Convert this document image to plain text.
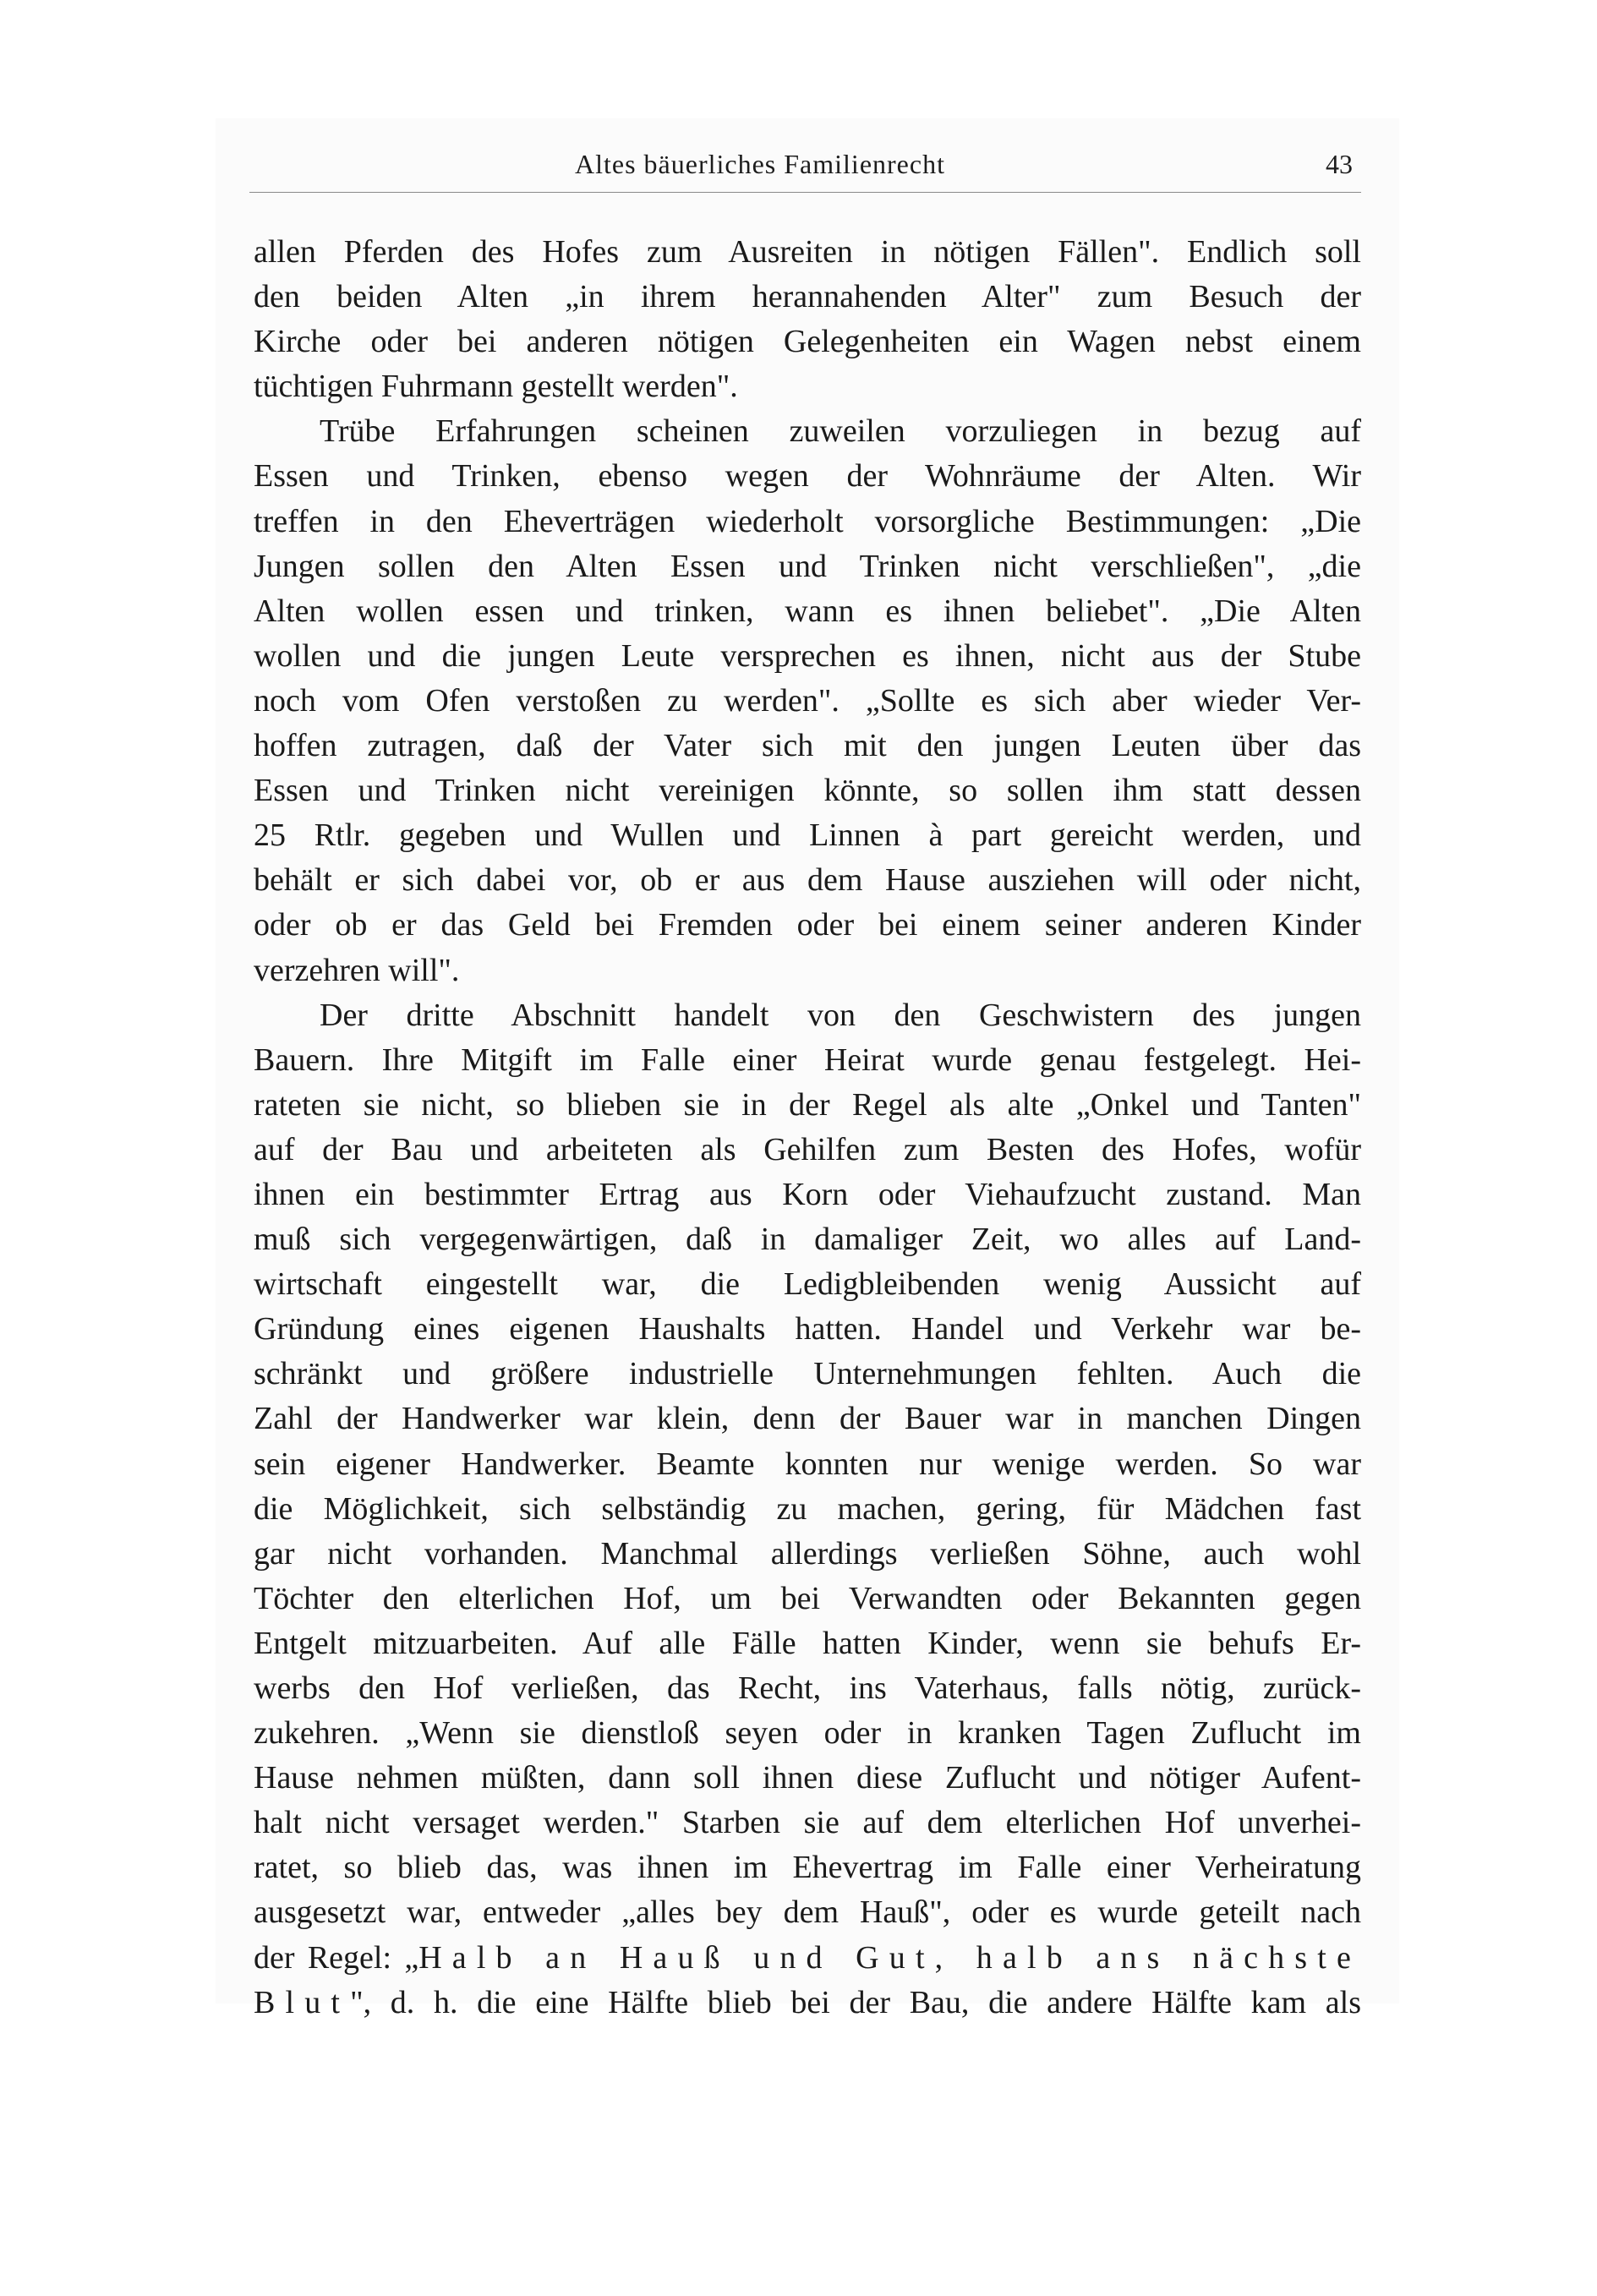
Altes bäuerliches Familienrecht	43
allen Pferden des Hofes zum Ausreiten in nötigen Fällen". Endlich soll
den beiden Alten „in ihrem herannahenden Alter" zum Besuch der
Kirche oder bei anderen nötigen Gelegenheiten ein Wagen nebst einem
tüchtigen Fuhrmann gestellt werden".
Trübe Erfahrungen scheinen zuweilen vorzuliegen in bezug auf
Essen und Trinken, ebenso wegen der Wohnräume der Alten. Wir
treffen in den Eheverträgen wiederholt vorsorgliche Bestimmungen: „Die
Jungen sollen den Alten Essen und Trinken nicht verschließen", „die
Alten wollen essen und trinken, wann es ihnen beliebet". „Die Alten
wollen und die jungen Leute versprechen es ihnen, nicht aus der Stube
noch vom Ofen verstoßen zu werden". „Sollte es sich aber wieder Ver-
hoffen zutragen, daß der Vater sich mit den jungen Leuten über das
Essen und Trinken nicht vereinigen könnte, so sollen ihm statt dessen
25 Rtlr. gegeben und Wullen und Linnen à part gereicht werden, und
behält er sich dabei vor, ob er aus dem Hause ausziehen will oder nicht,
oder ob er das Geld bei Fremden oder bei einem seiner anderen Kinder
verzehren will".
Der dritte Abschnitt handelt von den Geschwistern des jungen
Bauern. Ihre Mitgift im Falle einer Heirat wurde genau festgelegt. Hei-
rateten sie nicht, so blieben sie in der Regel als alte „Onkel und Tanten"
auf der Bau und arbeiteten als Gehilfen zum Besten des Hofes, wofür
ihnen ein bestimmter Ertrag aus Korn oder Viehaufzucht zustand. Man
muß sich vergegenwärtigen, daß in damaliger Zeit, wo alles auf Land-
wirtschaft eingestellt war, die Ledigbleibenden wenig Aussicht auf
Gründung eines eigenen Haushalts hatten. Handel und Verkehr war be-
schränkt und größere industrielle Unternehmungen fehlten. Auch die
Zahl der Handwerker war klein, denn der Bauer war in manchen Dingen
sein eigener Handwerker. Beamte konnten nur wenige werden. So war
die Möglichkeit, sich selbständig zu machen, gering, für Mädchen fast
gar nicht vorhanden. Manchmal allerdings verließen Söhne, auch wohl
Töchter den elterlichen Hof, um bei Verwandten oder Bekannten gegen
Entgelt mitzuarbeiten. Auf alle Fälle hatten Kinder, wenn sie behufs Er-
werbs den Hof verließen, das Recht, ins Vaterhaus, falls nötig, zurück-
zukehren. „Wenn sie dienstloß seyen oder in kranken Tagen Zuflucht im
Hause nehmen müßten, dann soll ihnen diese Zuflucht und nötiger Aufent-
halt nicht versaget werden." Starben sie auf dem elterlichen Hof unverhei-
ratet, so blieb das, was ihnen im Ehevertrag im Falle einer Verheiratung
ausgesetzt war, entweder „alles bey dem Hauß", oder es wurde geteilt nach
der Regel: „Halb an Hauß und Gut, halb ans nächste
Blut", d. h. die eine Hälfte blieb bei der Bau, die andere Hälfte kam als
